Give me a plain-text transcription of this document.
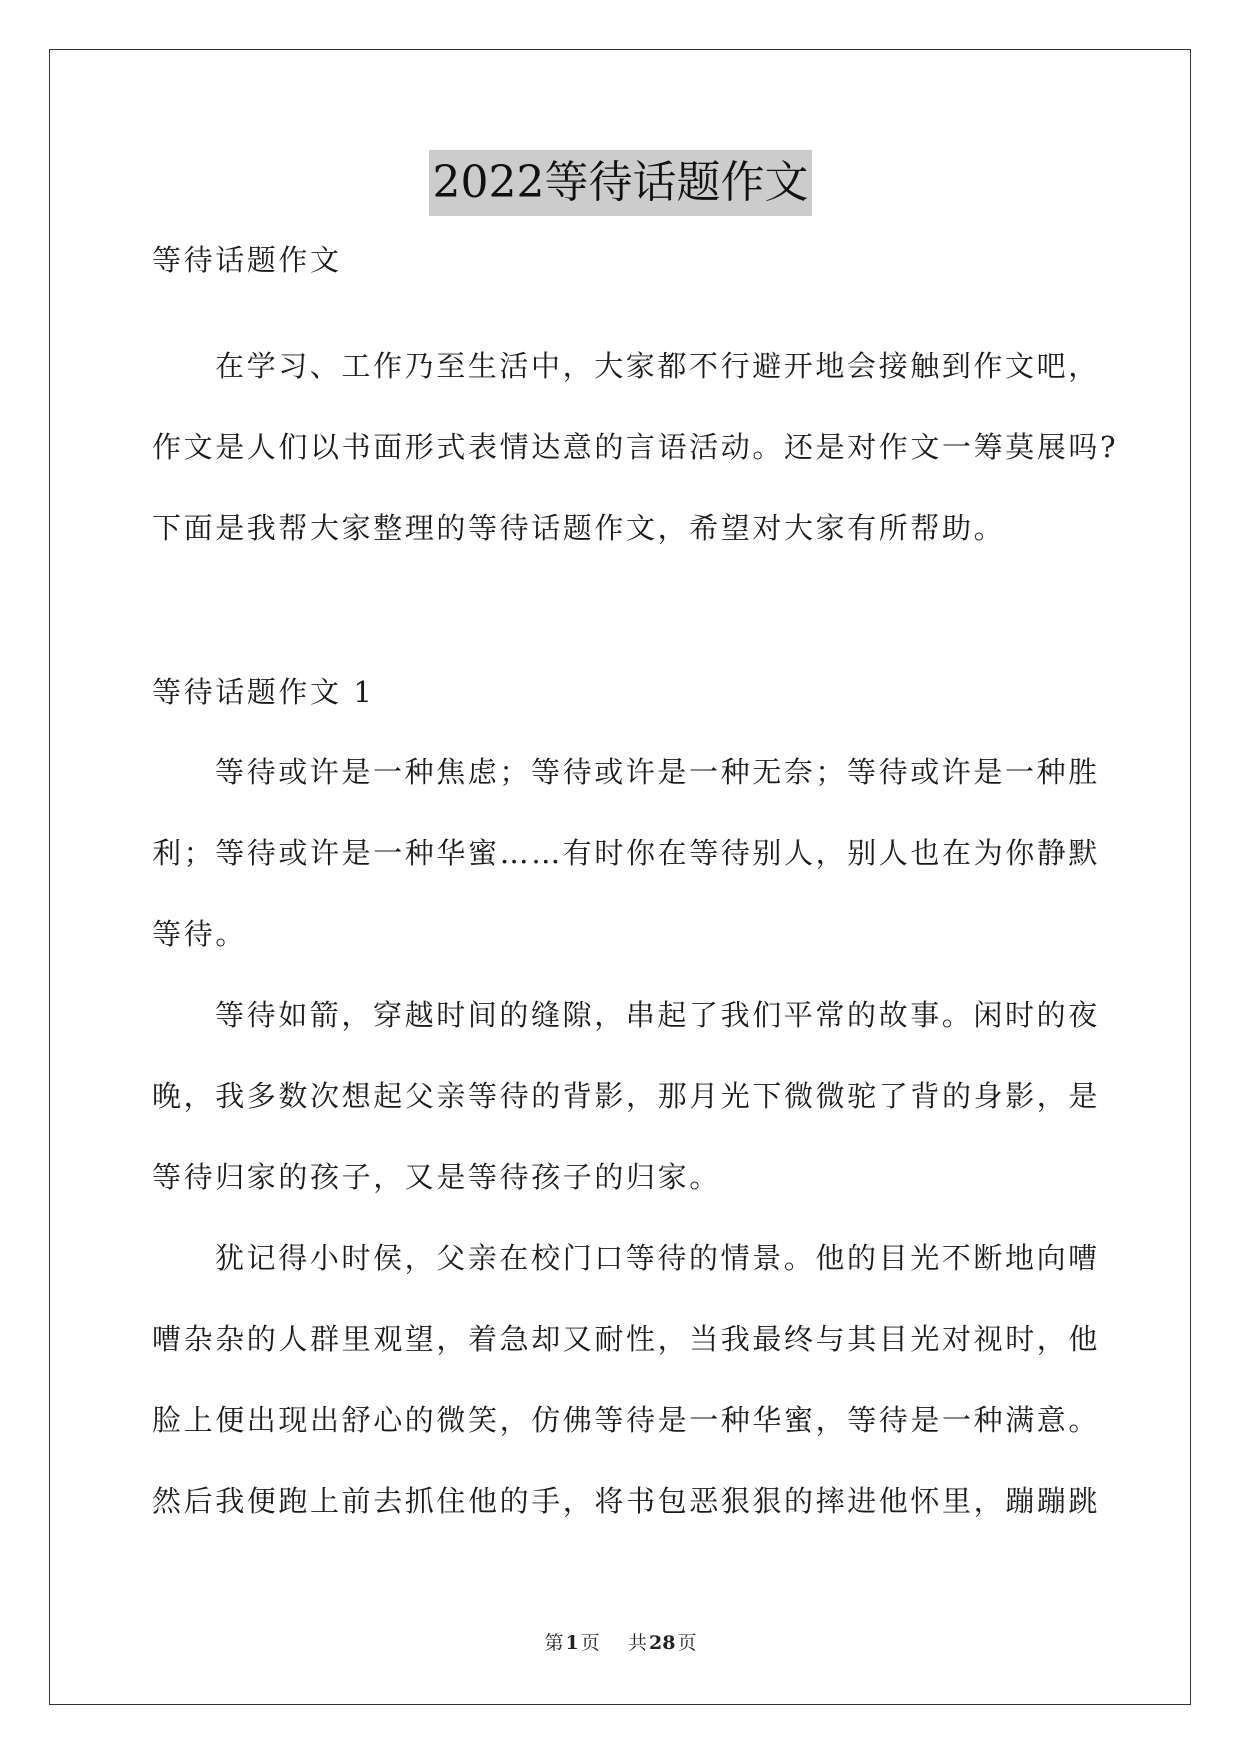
2022等待话题作文
等待话题作文
在学习、工作乃至生活中，大家都不行避开地会接触到作文吧，
作文是人们以书面形式表情达意的言语活动。还是对作文一筹莫展吗?
下面是我帮大家整理的等待话题作文，希望对大家有所帮助。
等待话题作文 1
等待或许是一种焦虑；等待或许是一种无奈；等待或许是一种胜
利；等待或许是一种华蜜……有时你在等待别人，别人也在为你静默
等待。
等待如箭，穿越时间的缝隙，串起了我们平常的故事。闲时的夜
晚，我多数次想起父亲等待的背影，那月光下微微驼了背的身影，是
等待归家的孩子，又是等待孩子的归家。
犹记得小时侯，父亲在校门口等待的情景。他的目光不断地向嘈
嘈杂杂的人群里观望，着急却又耐性，当我最终与其目光对视时，他
脸上便出现出舒心的微笑，仿佛等待是一种华蜜，等待是一种满意。
然后我便跑上前去抓住他的手，将书包恶狠狠的摔进他怀里，蹦蹦跳
第 1 页 共 28 页
